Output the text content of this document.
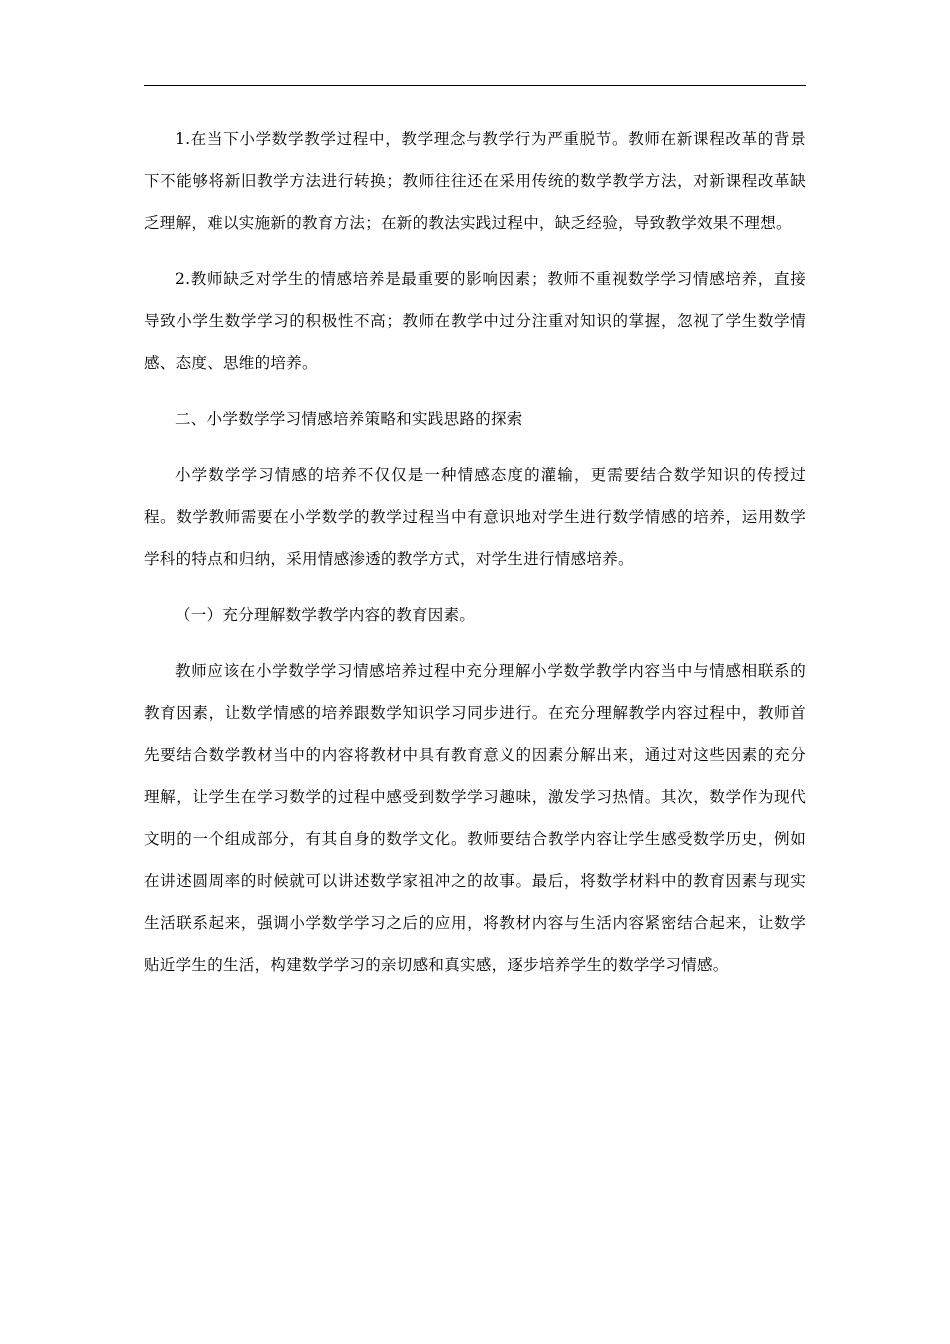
1.在当下小学数学教学过程中，教学理念与教学行为严重脱节。教师在新课程改革的背景下不能够将新旧教学方法进行转换；教师往往还在采用传统的数学教学方法，对新课程改革缺乏理解，难以实施新的教育方法；在新的教法实践过程中，缺乏经验，导致教学效果不理想。

2.教师缺乏对学生的情感培养是最重要的影响因素；教师不重视数学学习情感培养，直接导致小学生数学学习的积极性不高；教师在教学中过分注重对知识的掌握，忽视了学生数学情感、态度、思维的培养。

二、小学数学学习情感培养策略和实践思路的探索

小学数学学习情感的培养不仅仅是一种情感态度的灌输，更需要结合数学知识的传授过程。数学教师需要在小学数学的教学过程当中有意识地对学生进行数学情感的培养，运用数学学科的特点和归纳，采用情感渗透的教学方式，对学生进行情感培养。

（一）充分理解数学教学内容的教育因素。

教师应该在小学数学学习情感培养过程中充分理解小学数学教学内容当中与情感相联系的教育因素，让数学情感的培养跟数学知识学习同步进行。在充分理解教学内容过程中，教师首先要结合数学教材当中的内容将教材中具有教育意义的因素分解出来，通过对这些因素的充分理解，让学生在学习数学的过程中感受到数学学习趣味，激发学习热情。其次，数学作为现代文明的一个组成部分，有其自身的数学文化。教师要结合教学内容让学生感受数学历史，例如在讲述圆周率的时候就可以讲述数学家祖冲之的故事。最后，将数学材料中的教育因素与现实生活联系起来，强调小学数学学习之后的应用，将教材内容与生活内容紧密结合起来，让数学贴近学生的生活，构建数学学习的亲切感和真实感，逐步培养学生的数学学习情感。
